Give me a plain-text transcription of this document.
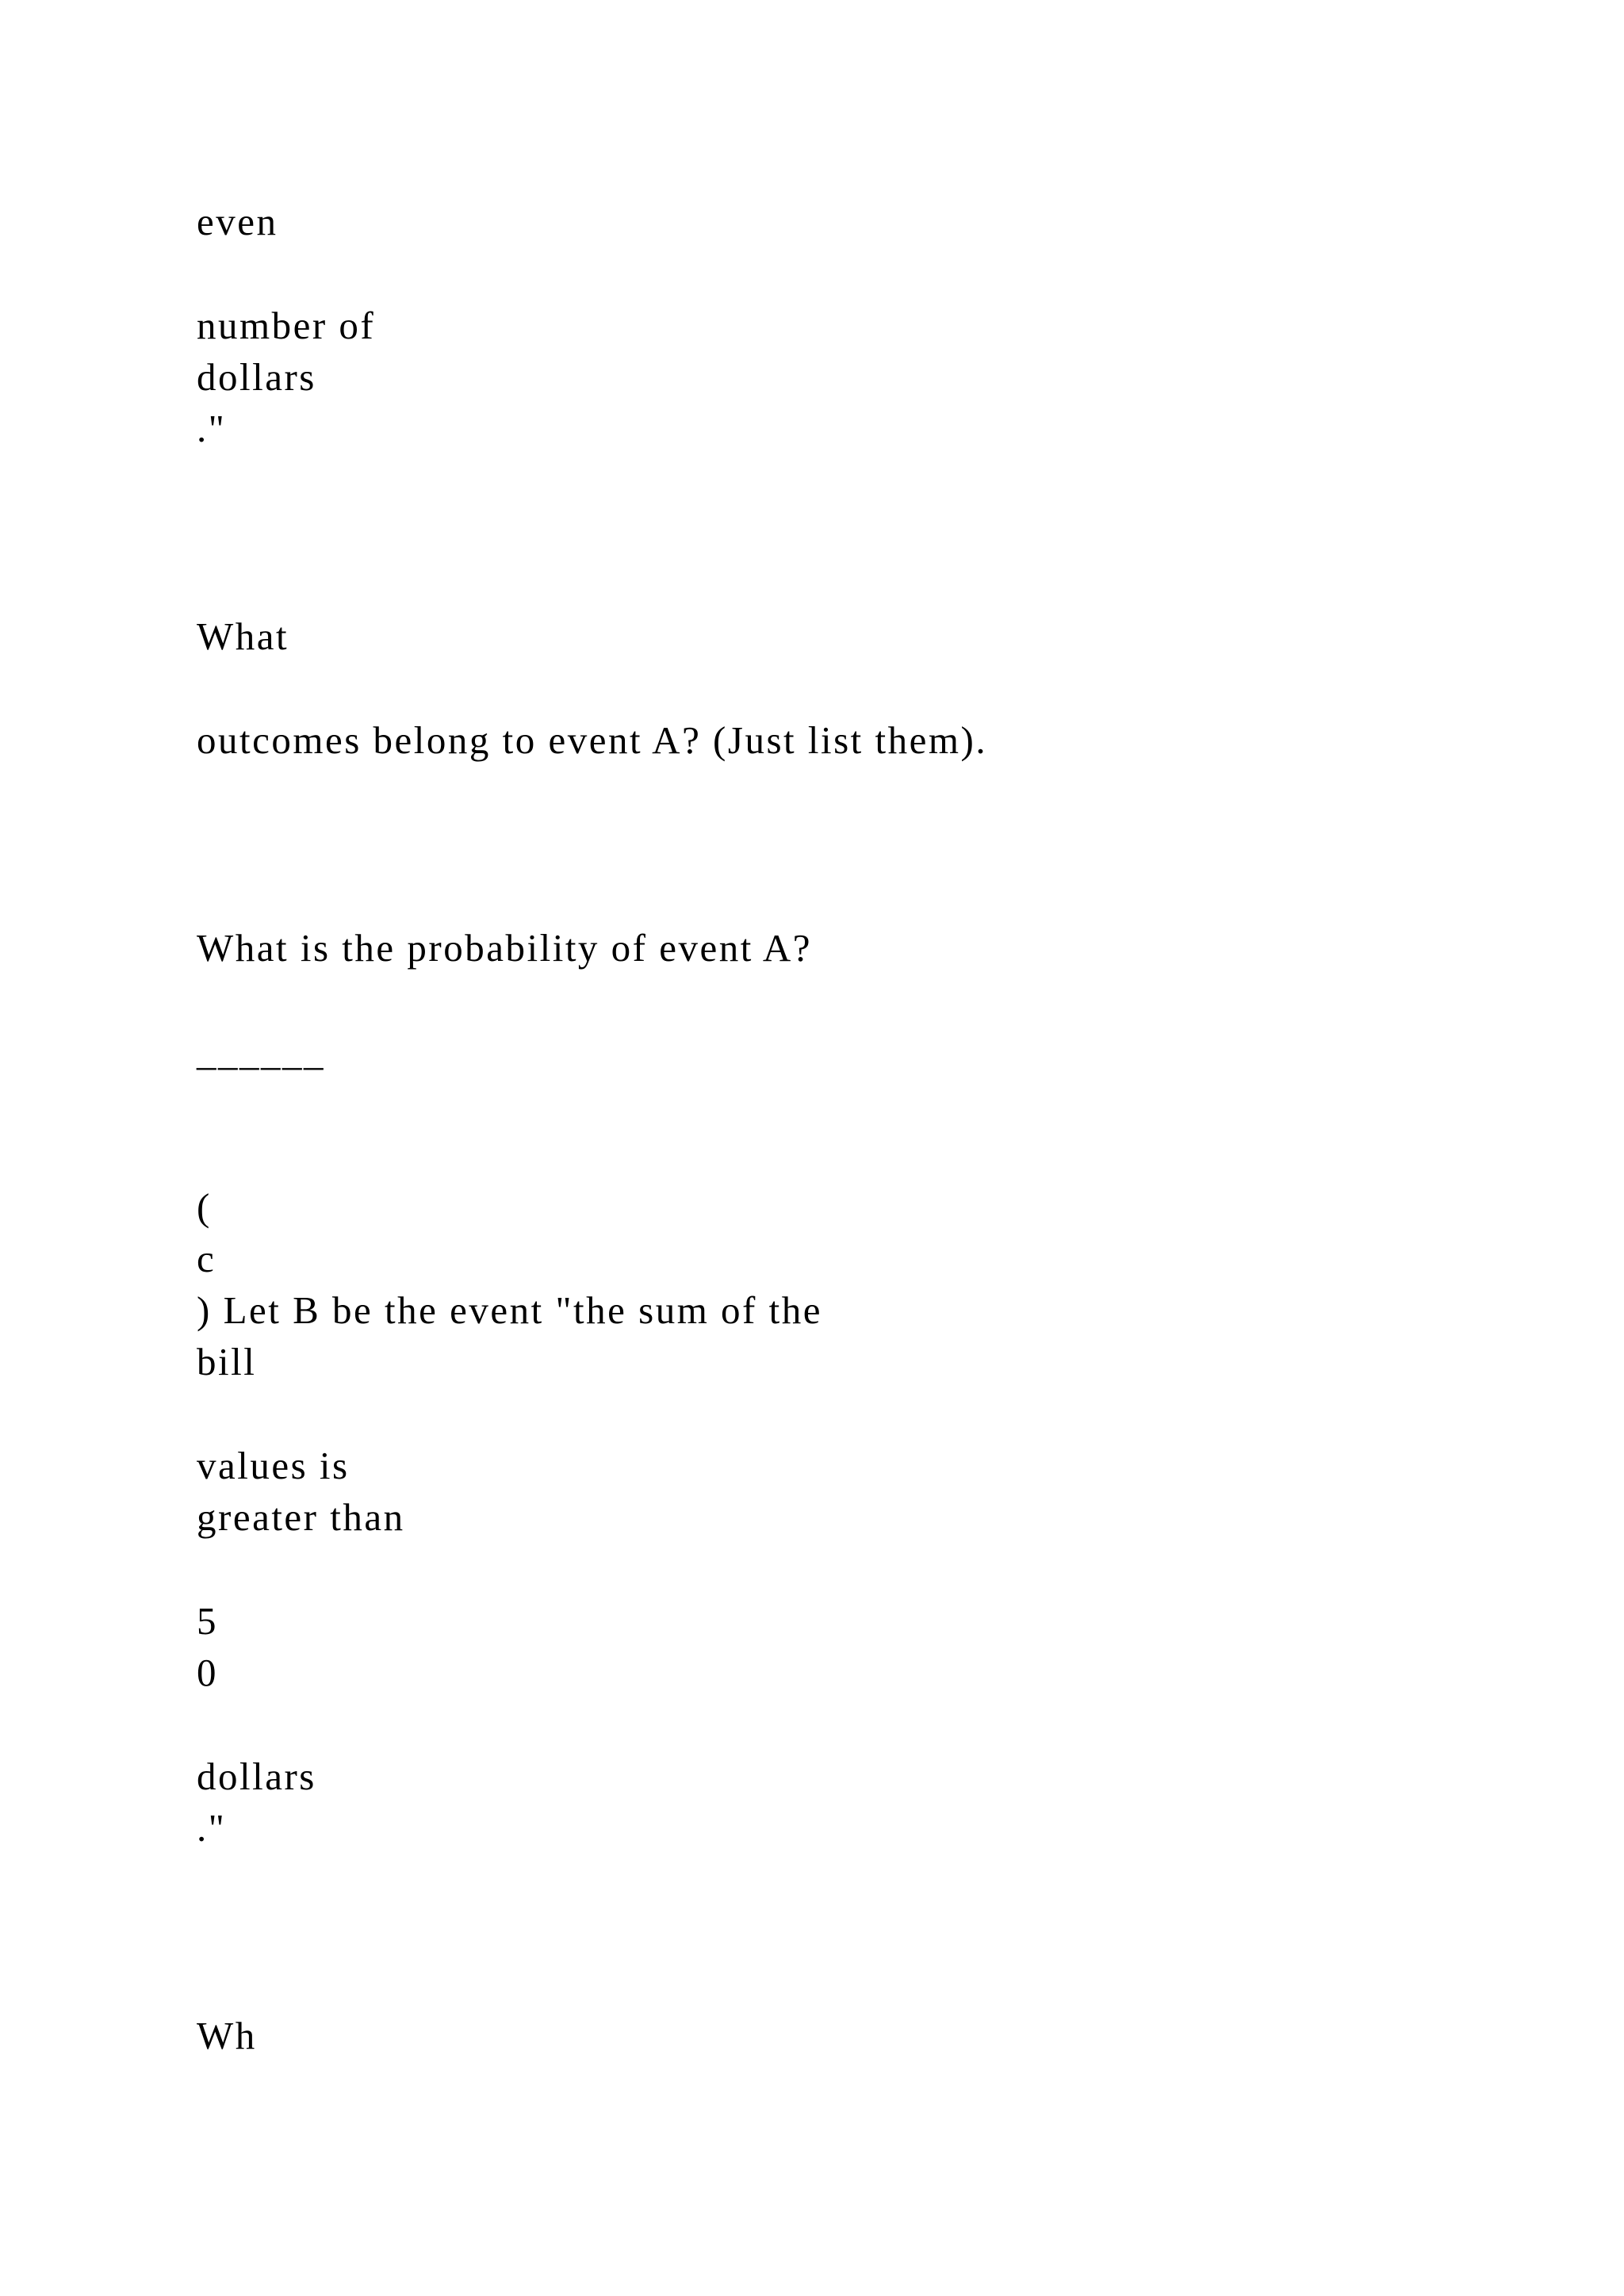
even

number of

dollars

."

What

outcomes belong to event A? (Just list them).

What is the probability of event A?

______

(

c

) Let B be the event "the sum of the

bill

values is

greater than

5

0

dollars

."

Wh
